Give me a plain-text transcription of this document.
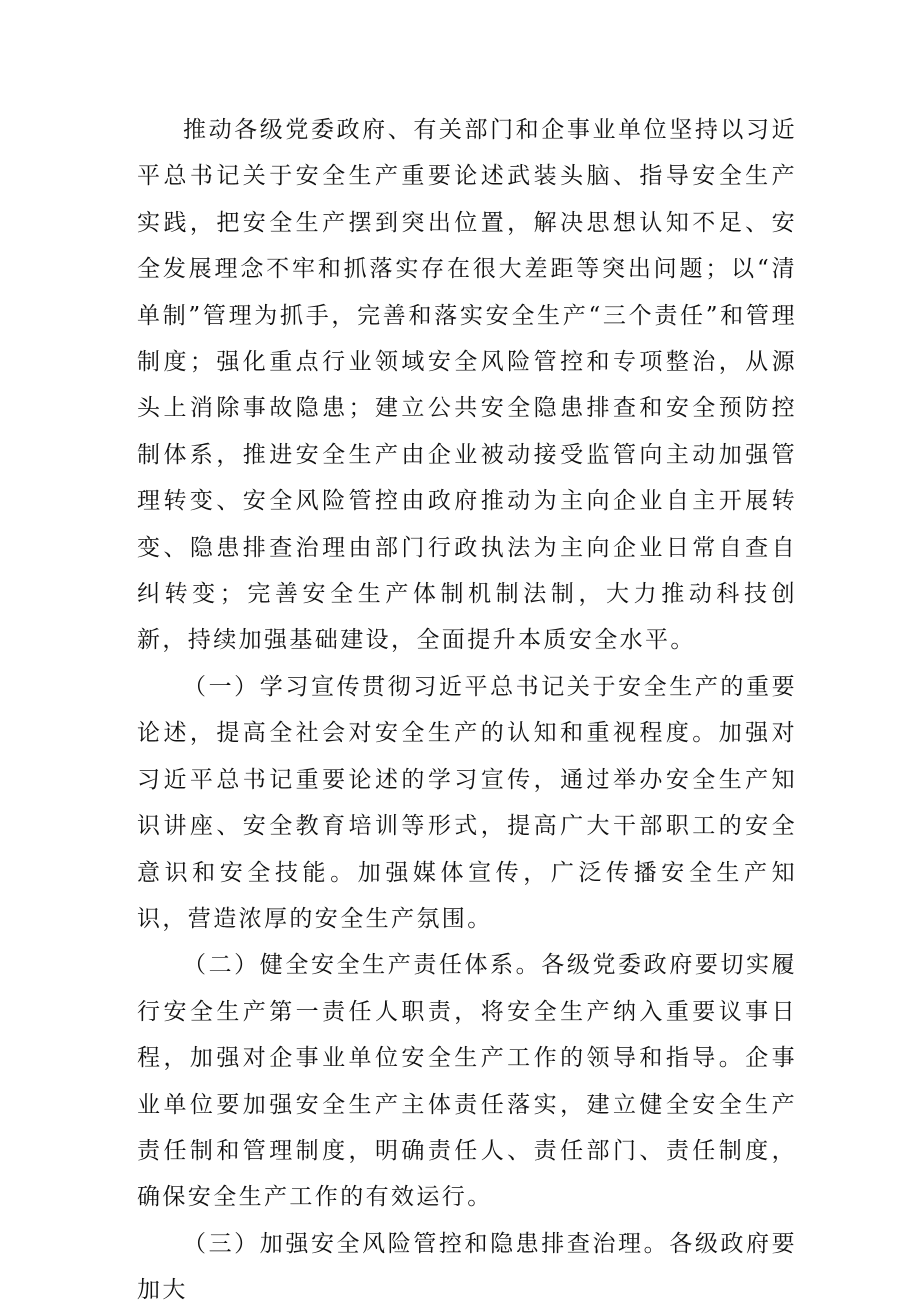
推动各级党委政府、有关部门和企事业单位坚持以习近平总书记关于安全生产重要论述武装头脑、指导安全生产实践，把安全生产摆到突出位置，解决思想认知不足、安全发展理念不牢和抓落实存在很大差距等突出问题；以“清单制”管理为抓手，完善和落实安全生产“三个责任”和管理制度；强化重点行业领域安全风险管控和专项整治，从源头上消除事故隐患；建立公共安全隐患排查和安全预防控制体系，推进安全生产由企业被动接受监管向主动加强管理转变、安全风险管控由政府推动为主向企业自主开展转变、隐患排查治理由部门行政执法为主向企业日常自查自纠转变；完善安全生产体制机制法制，大力推动科技创新，持续加强基础建设，全面提升本质安全水平。

（一）学习宣传贯彻习近平总书记关于安全生产的重要论述，提高全社会对安全生产的认知和重视程度。加强对习近平总书记重要论述的学习宣传，通过举办安全生产知识讲座、安全教育培训等形式，提高广大干部职工的安全意识和安全技能。加强媒体宣传，广泛传播安全生产知识，营造浓厚的安全生产氛围。

（二）健全安全生产责任体系。各级党委政府要切实履行安全生产第一责任人职责，将安全生产纳入重要议事日程，加强对企事业单位安全生产工作的领导和指导。企事业单位要加强安全生产主体责任落实，建立健全安全生产责任制和管理制度，明确责任人、责任部门、责任制度，确保安全生产工作的有效运行。

（三）加强安全风险管控和隐患排查治理。各级政府要加大
